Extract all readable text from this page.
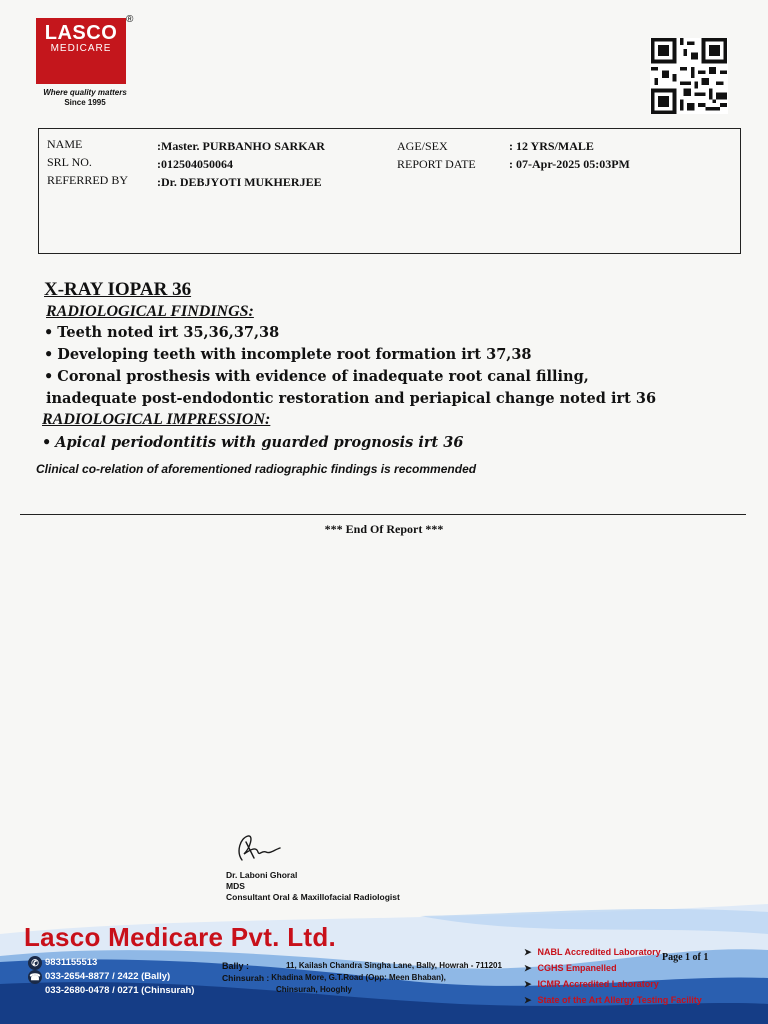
LASCO
MEDICARE
®
Where quality matters
Since 1995
NAME
SRL NO.
REFERRED BY
:Master. PURBANHO SARKAR
:012504050064
:Dr. DEBJYOTI MUKHERJEE
AGE/SEX
REPORT DATE
: 12 YRS/MALE
: 07-Apr-2025 05:03PM
X-RAY IOPAR 36
RADIOLOGICAL FINDINGS:
• Teeth noted irt 35,36,37,38
• Developing teeth with incomplete root formation irt 37,38
• Coronal prosthesis with evidence of inadequate root canal filling,
inadequate post-endodontic restoration and periapical change noted irt 36
RADIOLOGICAL IMPRESSION:
• Apical periodontitis with guarded prognosis irt 36
Clinical co-relation of aforementioned radiographic findings is recommended
*** End Of Report ***
Dr. Laboni Ghoral
MDS
Consultant Oral & Maxillofacial Radiologist
Lasco Medicare Pvt. Ltd.
✆ 9831155513
☎ 033-2654-8877 / 2422 (Bally)
033-2680-0478 / 0271 (Chinsurah)
Bally :	11, Kailash Chandra Singha Lane, Bally, Howrah - 711201
Chinsurah : Khadina More, G.T.Road (Opp: Meen Bhaban),
Chinsurah, Hooghly
➤ NABL Accredited Laboratory
➤ CGHS Empanelled
➤ ICMR Accredited Laboratory
➤ State of the Art Allergy Testing Facility
Page 1 of 1
